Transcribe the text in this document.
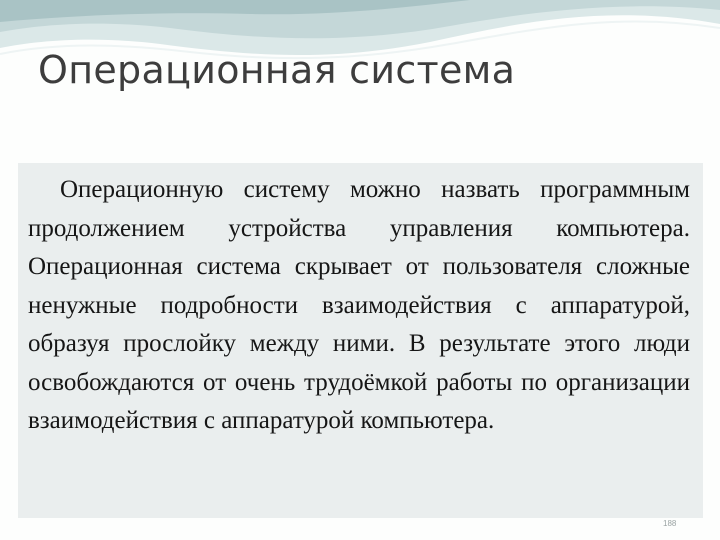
Операционная система

Операционную систему можно назвать программным продолжением устройства управления компьютера. Операционная система скрывает от пользователя сложные ненужные подробности взаимодействия с аппаратурой, образуя прослойку между ними. В результате этого люди освобождаются от очень трудоёмкой работы по организации взаимодействия с аппаратурой компьютера.

188
